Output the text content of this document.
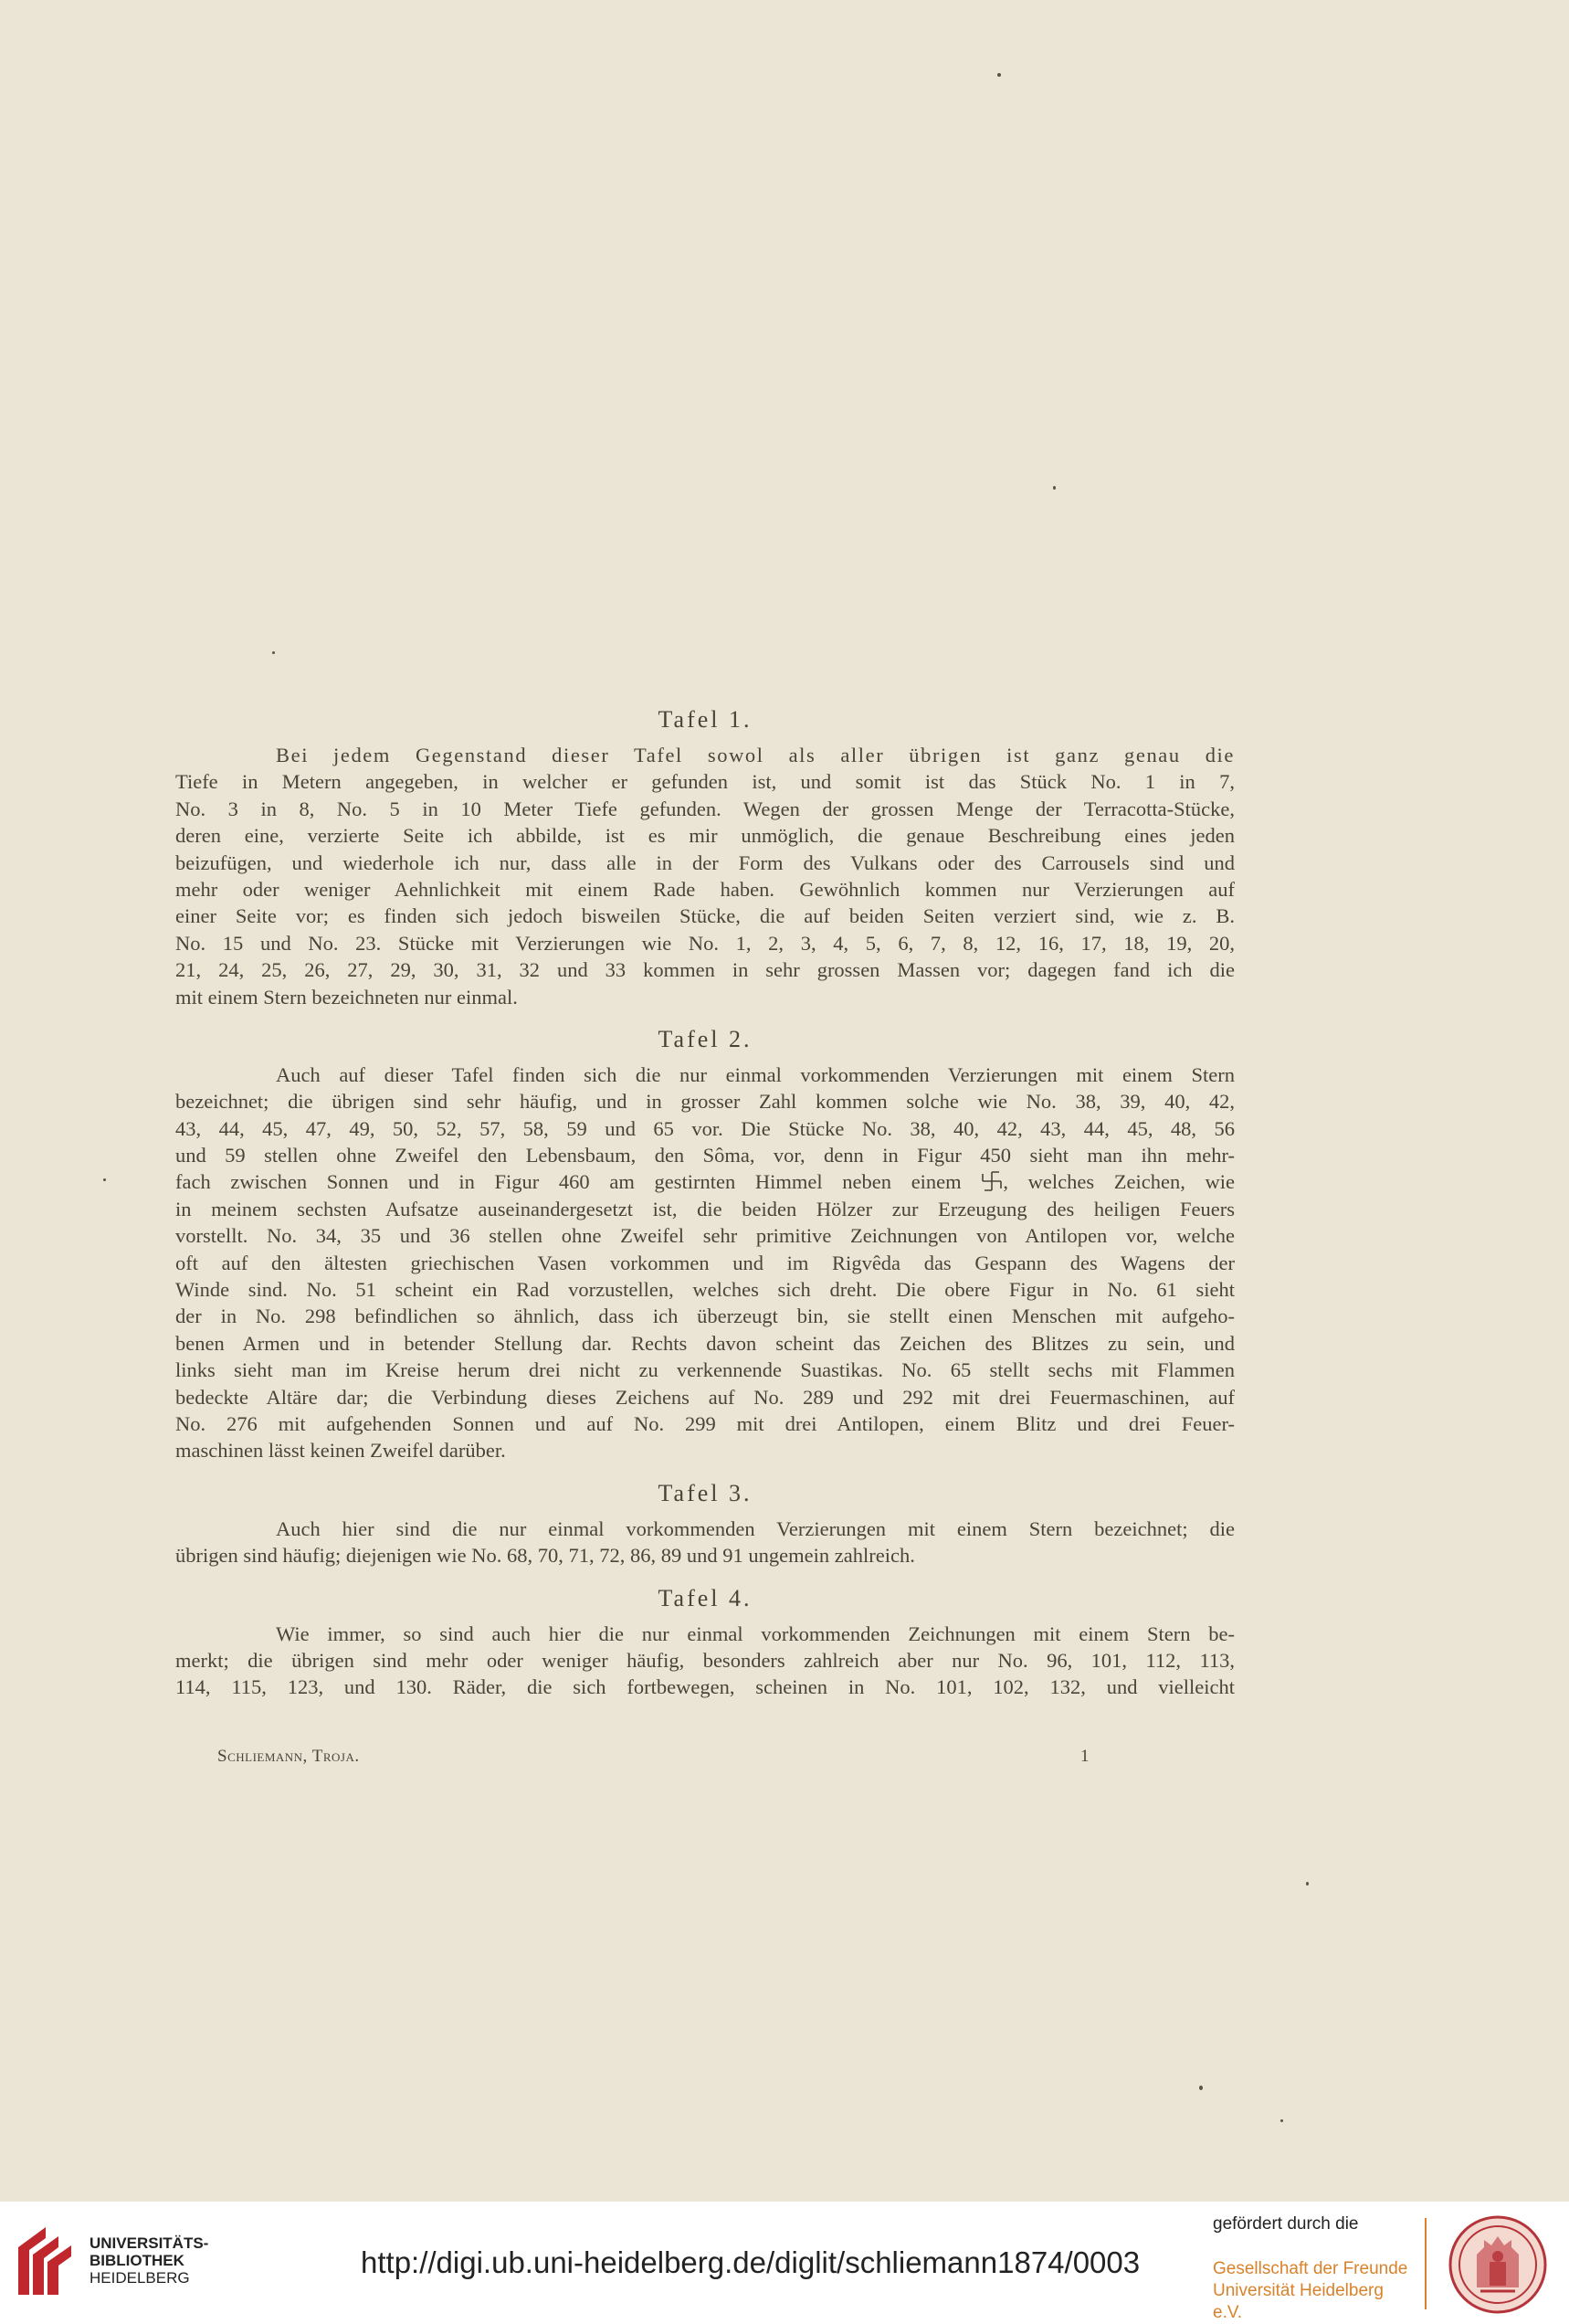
Tafel 1.
Bei jedem Gegenstand dieser Tafel sowol als aller übrigen ist ganz genau die
Tiefe in Metern angegeben, in welcher er gefunden ist, und somit ist das Stück No. 1 in 7,
No. 3 in 8, No. 5 in 10 Meter Tiefe gefunden. Wegen der grossen Menge der Terracotta-Stücke,
deren eine, verzierte Seite ich abbilde, ist es mir unmöglich, die genaue Beschreibung eines jeden
beizufügen, und wiederhole ich nur, dass alle in der Form des Vulkans oder des Carrousels sind und
mehr oder weniger Aehnlichkeit mit einem Rade haben. Gewöhnlich kommen nur Verzierungen auf
einer Seite vor; es finden sich jedoch bisweilen Stücke, die auf beiden Seiten verziert sind, wie z. B.
No. 15 und No. 23. Stücke mit Verzierungen wie No. 1, 2, 3, 4, 5, 6, 7, 8, 12, 16, 17, 18, 19, 20,
21, 24, 25, 26, 27, 29, 30, 31, 32 und 33 kommen in sehr grossen Massen vor; dagegen fand ich die
mit einem Stern bezeichneten nur einmal.
Tafel 2.
Auch auf dieser Tafel finden sich die nur einmal vorkommenden Verzierungen mit einem Stern
bezeichnet; die übrigen sind sehr häufig, und in grosser Zahl kommen solche wie No. 38, 39, 40, 42,
43, 44, 45, 47, 49, 50, 52, 57, 58, 59 und 65 vor. Die Stücke No. 38, 40, 42, 43, 44, 45, 48, 56
und 59 stellen ohne Zweifel den Lebensbaum, den Sôma, vor, denn in Figur 450 sieht man ihn mehr-
fach zwischen Sonnen und in Figur 460 am gestirnten Himmel neben einem , welches Zeichen, wie
in meinem sechsten Aufsatze auseinandergesetzt ist, die beiden Hölzer zur Erzeugung des heiligen Feuers
vorstellt. No. 34, 35 und 36 stellen ohne Zweifel sehr primitive Zeichnungen von Antilopen vor, welche
oft auf den ältesten griechischen Vasen vorkommen und im Rigvêda das Gespann des Wagens der
Winde sind. No. 51 scheint ein Rad vorzustellen, welches sich dreht. Die obere Figur in No. 61 sieht
der in No. 298 befindlichen so ähnlich, dass ich überzeugt bin, sie stellt einen Menschen mit aufgeho-
benen Armen und in betender Stellung dar. Rechts davon scheint das Zeichen des Blitzes zu sein, und
links sieht man im Kreise herum drei nicht zu verkennende Suastikas. No. 65 stellt sechs mit Flammen
bedeckte Altäre dar; die Verbindung dieses Zeichens auf No. 289 und 292 mit drei Feuermaschinen, auf
No. 276 mit aufgehenden Sonnen und auf No. 299 mit drei Antilopen, einem Blitz und drei Feuer-
maschinen lässt keinen Zweifel darüber.
Tafel 3.
Auch hier sind die nur einmal vorkommenden Verzierungen mit einem Stern bezeichnet; die
übrigen sind häufig; diejenigen wie No. 68, 70, 71, 72, 86, 89 und 91 ungemein zahlreich.
Tafel 4.
Wie immer, so sind auch hier die nur einmal vorkommenden Zeichnungen mit einem Stern be-
merkt; die übrigen sind mehr oder weniger häufig, besonders zahlreich aber nur No. 96, 101, 112, 113,
114, 115, 123, und 130. Räder, die sich fortbewegen, scheinen in No. 101, 102, 132, und vielleicht
Schliemann, Troja.	1
UNIVERSITÄTS-
BIBLIOTHEK
HEIDELBERG	http://digi.ub.uni-heidelberg.de/diglit/schliemann1874/0003
gefördert durch die
Gesellschaft der Freunde
Universität Heidelberg e.V.
